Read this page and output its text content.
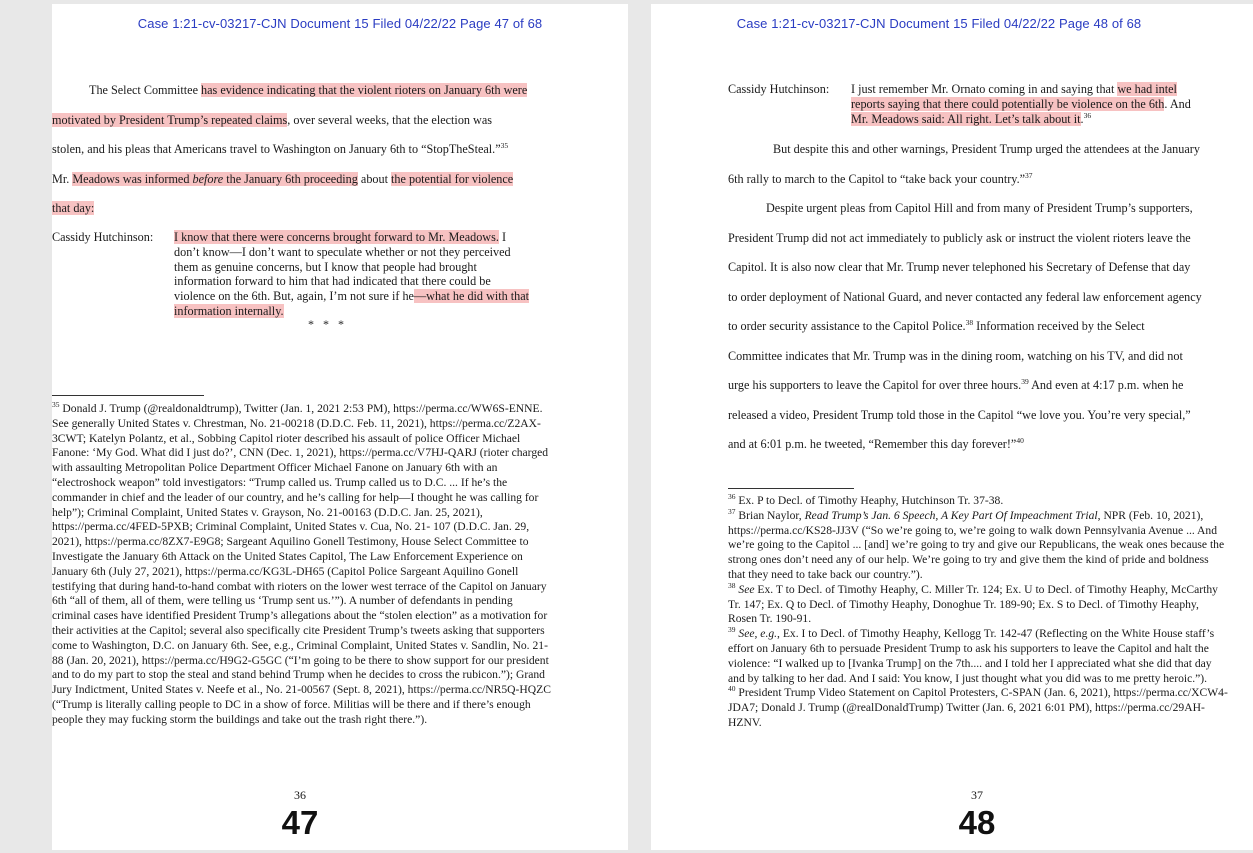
Case 1:21-cv-03217-CJN Document 15 Filed 04/22/22 Page 47 of 68
The Select Committee has evidence indicating that the violent rioters on January 6th were
motivated by President Trump’s repeated claims, over several weeks, that the election was
stolen, and his pleas that Americans travel to Washington on January 6th to “StopTheSteal.”$^{35}$
Mr. Meadows was informed before the January 6th proceeding about the potential for violence
that day:
Cassidy Hutchinson: I know that there were concerns brought forward to Mr. Meadows. I
don’t know—I don’t want to speculate whether or not they perceived
them as genuine concerns, but I know that people had brought
information forward to him that had indicated that there could be
violence on the 6th. But, again, I’m not sure if he—what he did with that
information internally.
* * *

$^{35}$ Donald J. Trump (@realdonaldtrump), Twitter (Jan. 1, 2021 2:53 PM), https://perma.cc/WW6S-ENNE. See generally United States v. Chrestman, No. 21-00218 (D.D.C. Feb. 11, 2021), https://perma.cc/Z2AX-3CWT; Katelyn Polantz, et al., Sobbing Capitol rioter described his assault of police Officer Michael Fanone: ‘My God. What did I just do?’, CNN (Dec. 1, 2021), https://perma.cc/V7HJ-QARJ (rioter charged with assaulting Metropolitan Police Department Officer Michael Fanone on January 6th with an “electroshock weapon” told investigators: “Trump called us. Trump called us to D.C. ... If he’s the commander in chief and the leader of our country, and he’s calling for help—I thought he was calling for help”); Criminal Complaint, United States v. Grayson, No. 21-00163 (D.D.C. Jan. 25, 2021), https://perma.cc/4FED-5PXB; Criminal Complaint, United States v. Cua, No. 21- 107 (D.D.C. Jan. 29, 2021), https://perma.cc/8ZX7-E9G8; Sargeant Aquilino Gonell Testimony, House Select Committee to Investigate the January 6th Attack on the United States Capitol, The Law Enforcement Experience on January 6th (July 27, 2021), https://perma.cc/KG3L-DH65 (Capitol Police Sargeant Aquilino Gonell testifying that during hand-to-hand combat with rioters on the lower west terrace of the Capitol on January 6th “all of them, all of them, were telling us ‘Trump sent us.’”). A number of defendants in pending criminal cases have identified President Trump’s allegations about the “stolen election” as a motivation for their activities at the Capitol; several also specifically cite President Trump’s tweets asking that supporters come to Washington, D.C. on January 6th. See, e.g., Criminal Complaint, United States v. Sandlin, No. 21-88 (Jan. 20, 2021), https://perma.cc/H9G2-G5GC (“I’m going to be there to show support for our president and to do my part to stop the steal and stand behind Trump when he decides to cross the rubicon.”); Grand Jury Indictment, United States v. Neefe et al., No. 21-00567 (Sept. 8, 2021), https://perma.cc/NR5Q-HQZC (“Trump is literally calling people to DC in a show of force. Militias will be there and if there’s enough people they may fucking storm the buildings and take out the trash right there.”).

36
47
Case 1:21-cv-03217-CJN Document 15 Filed 04/22/22 Page 48 of 68
Cassidy Hutchinson: I just remember Mr. Ornato coming in and saying that we had intel
reports saying that there could potentially be violence on the 6th. And
Mr. Meadows said: All right. Let’s talk about it.$^{36}$
But despite this and other warnings, President Trump urged the attendees at the January
6th rally to march to the Capitol to “take back your country.”$^{37}$
Despite urgent pleas from Capitol Hill and from many of President Trump’s supporters,
President Trump did not act immediately to publicly ask or instruct the violent rioters leave the
Capitol. It is also now clear that Mr. Trump never telephoned his Secretary of Defense that day
to order deployment of National Guard, and never contacted any federal law enforcement agency
to order security assistance to the Capitol Police.$^{38}$ Information received by the Select
Committee indicates that Mr. Trump was in the dining room, watching on his TV, and did not
urge his supporters to leave the Capitol for over three hours.$^{39}$ And even at 4:17 p.m. when he
released a video, President Trump told those in the Capitol “we love you. You’re very special,”
and at 6:01 p.m. he tweeted, “Remember this day forever!”$^{40}$

$^{36}$ Ex. P to Decl. of Timothy Heaphy, Hutchinson Tr. 37-38.

$^{37}$ Brian Naylor, Read Trump’s Jan. 6 Speech, A Key Part Of Impeachment Trial, NPR (Feb. 10, 2021), https://perma.cc/KS28-JJ3V (“So we’re going to, we’re going to walk down Pennsylvania Avenue ... And we’re going to the Capitol ... [and] we’re going to try and give our Republicans, the weak ones because the strong ones don’t need any of our help. We’re going to try and give them the kind of pride and boldness that they need to take back our country.”).

$^{38}$ See Ex. T to Decl. of Timothy Heaphy, C. Miller Tr. 124; Ex. U to Decl. of Timothy Heaphy, McCarthy Tr. 147; Ex. Q to Decl. of Timothy Heaphy, Donoghue Tr. 189-90; Ex. S to Decl. of Timothy Heaphy, Rosen Tr. 190-91.

$^{39}$ See, e.g., Ex. I to Decl. of Timothy Heaphy, Kellogg Tr. 142-47 (Reflecting on the White House staff’s effort on January 6th to persuade President Trump to ask his supporters to leave the Capitol and halt the violence: “I walked up to [Ivanka Trump] on the 7th.... and I told her I appreciated what she did that day and by talking to her dad. And I said: You know, I just thought what you did was to me pretty heroic.”).

$^{40}$ President Trump Video Statement on Capitol Protesters, C-SPAN (Jan. 6, 2021), https://perma.cc/XCW4-JDA7; Donald J. Trump (@realDonaldTrump) Twitter (Jan. 6, 2021 6:01 PM), https://perma.cc/29AH-HZNV.

37
48
